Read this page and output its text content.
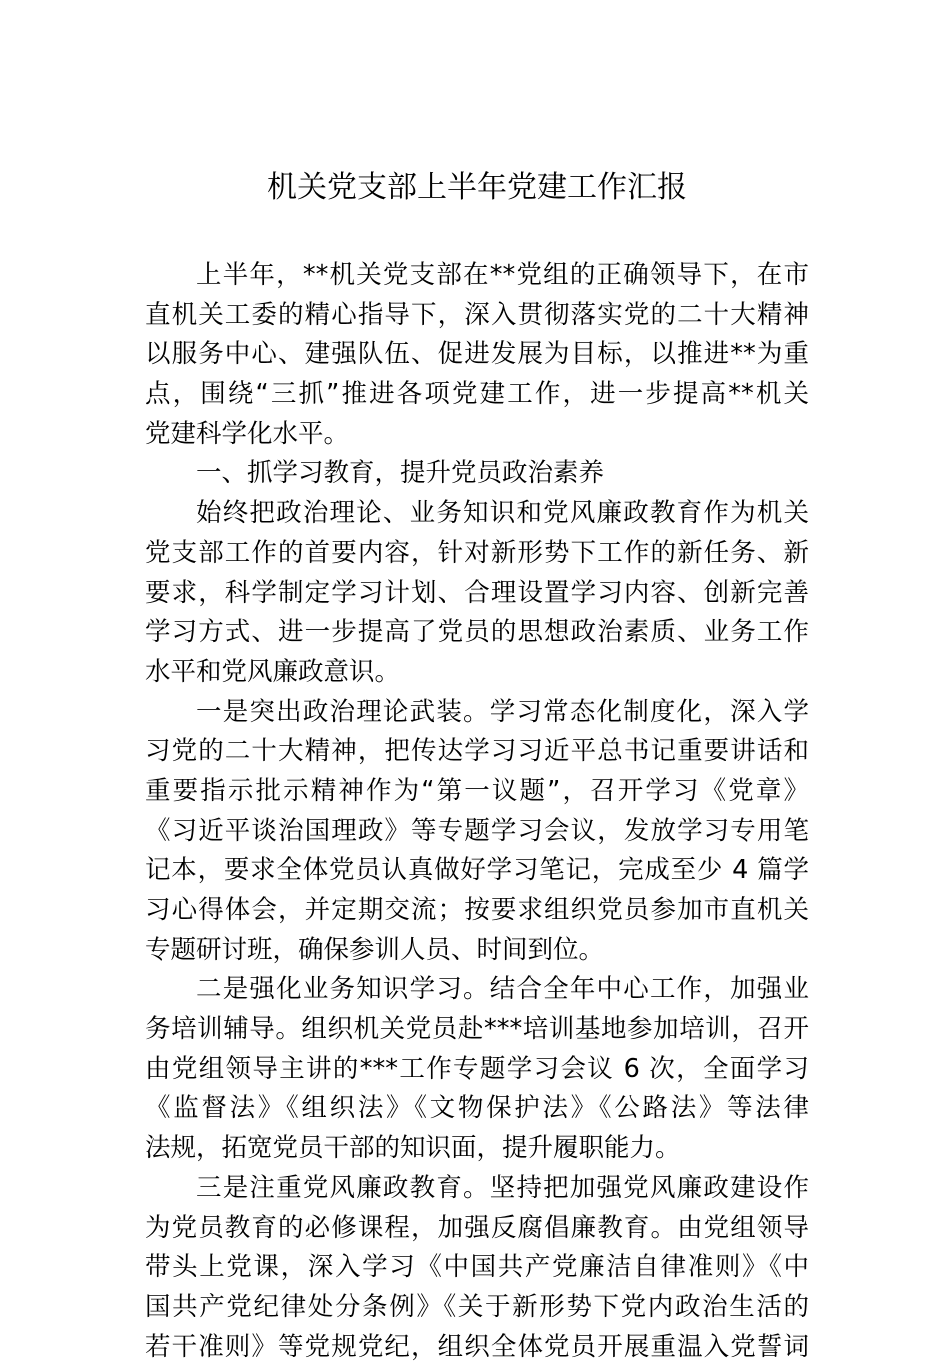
机关党支部上半年党建工作汇报
上半年，**机关党支部在**党组的正确领导下，在市
直机关工委的精心指导下，深入贯彻落实党的二十大精神
以服务中心、建强队伍、促进发展为目标，以推进**为重
点，围绕“三抓”推进各项党建工作，进一步提高**机关
党建科学化水平。
一、抓学习教育，提升党员政治素养
始终把政治理论、业务知识和党风廉政教育作为机关
党支部工作的首要内容，针对新形势下工作的新任务、新
要求，科学制定学习计划、合理设置学习内容、创新完善
学习方式、进一步提高了党员的思想政治素质、业务工作
水平和党风廉政意识。
一是突出政治理论武装。学习常态化制度化，深入学
习党的二十大精神，把传达学习习近平总书记重要讲话和
重要指示批示精神作为“第一议题”，召开学习《党章》
《习近平谈治国理政》等专题学习会议，发放学习专用笔
记本，要求全体党员认真做好学习笔记，完成至少 4 篇学
习心得体会，并定期交流；按要求组织党员参加市直机关
专题研讨班，确保参训人员、时间到位。
二是强化业务知识学习。结合全年中心工作，加强业
务培训辅导。组织机关党员赴***培训基地参加培训，召开
由党组领导主讲的***工作专题学习会议 6 次，全面学习
《监督法》《组织法》《文物保护法》《公路法》等法律
法规，拓宽党员干部的知识面，提升履职能力。
三是注重党风廉政教育。坚持把加强党风廉政建设作
为党员教育的必修课程，加强反腐倡廉教育。由党组领导
带头上党课，深入学习《中国共产党廉洁自律准则》《中
国共产党纪律处分条例》《关于新形势下党内政治生活的
若干准则》等党规党纪，组织全体党员开展重温入党誓词
